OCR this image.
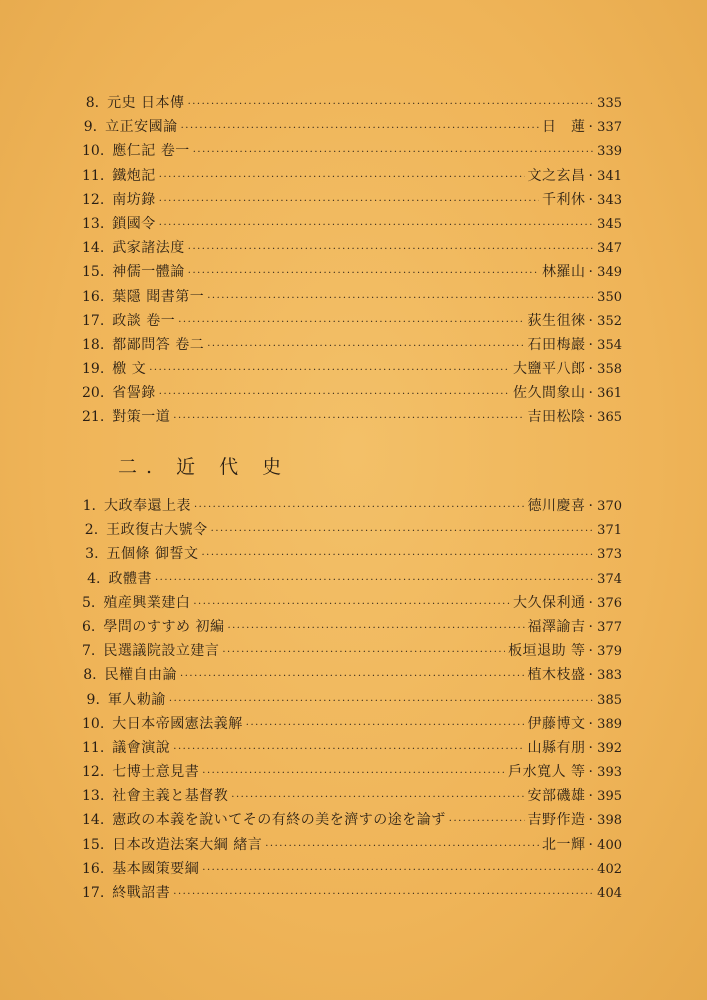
8. 元史 日本傳 ·····	335
9. 立正安國論 ·····	日　蓮 · 337
10. 應仁記 卷一 ·····	339
11. 鐵炮記 ·····	文之玄昌 · 341
12. 南坊錄 ·····	千利休 · 343
13. 鎖國令 ·····	345
14. 武家諸法度 ·····	347
15. 神儒一體論 ·····	林羅山 · 349
16. 葉隱 聞書第一 ·····	350
17. 政談 卷一 ·····	荻生徂徠 · 352
18. 都鄙問答 卷二 ·····	石田梅巖 · 354
19. 檄 文 ·····	大鹽平八郎 · 358
20. 省諐錄 ·····	佐久間象山 · 361
21. 對策一道 ·····	吉田松陰 · 365
二. 近 代 史
1. 大政奉還上表 ·····	德川慶喜 · 370
2. 王政復古大號令 ·····	371
3. 五個條 御誓文 ·····	373
4. 政體書 ·····	374
5. 殖産興業建白 ·····	大久保利通 · 376
6. 學問のすすめ 初編 ·····	福澤諭吉 · 377
7. 民選議院設立建言 ·····	板垣退助 等 · 379
8. 民權自由論 ·····	植木枝盛 · 383
9. 軍人勅諭 ·····	385
10. 大日本帝國憲法義解 ·····	伊藤博文 · 389
11. 議會演說 ·····	山縣有朋 · 392
12. 七博士意見書 ·····	戶水寬人 等 · 393
13. 社會主義と基督教 ·····	安部磯雄 · 395
14. 憲政の本義を說いてその有終の美を濟すの途を論ず ·····	吉野作造 · 398
15. 日本改造法案大綱 緖言 ·····	北一輝 · 400
16. 基本國策要綱 ·····	402
17. 終戰詔書 ·····	404
